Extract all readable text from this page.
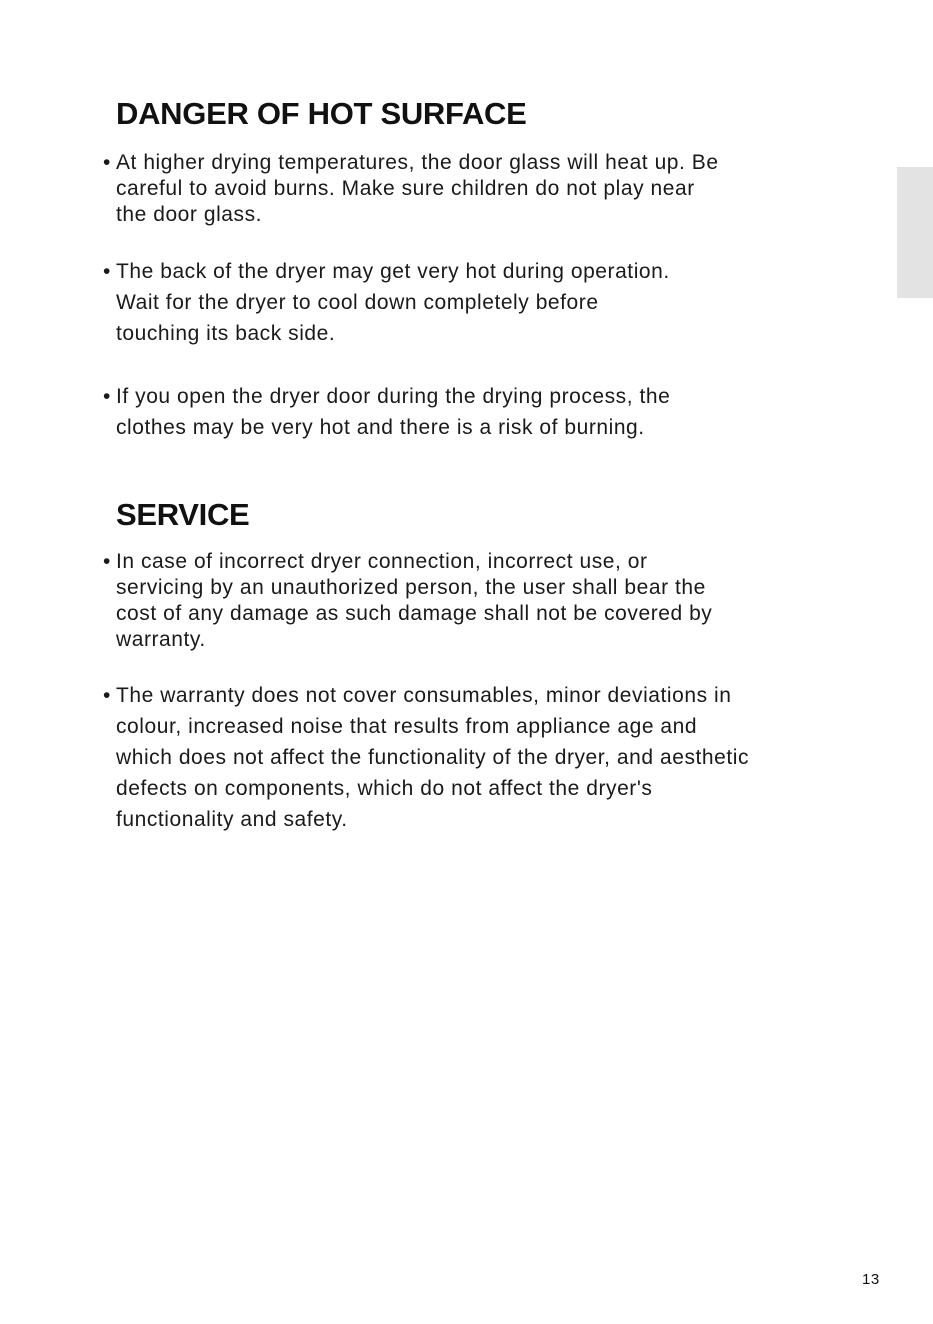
DANGER OF HOT SURFACE
• At higher drying temperatures, the door glass will heat up. Be
careful to avoid burns. Make sure children do not play near
the door glass.
• The back of the dryer may get very hot during operation.
Wait for the dryer to cool down completely before
touching its back side.
• If you open the dryer door during the drying process, the
clothes may be very hot and there is a risk of burning.
SERVICE
• In case of incorrect dryer connection, incorrect use, or
servicing by an unauthorized person, the user shall bear the
cost of any damage as such damage shall not be covered by
warranty.
• The warranty does not cover consumables, minor deviations in
colour, increased noise that results from appliance age and
which does not affect the functionality of the dryer, and aesthetic
defects on components, which do not affect the dryer's
functionality and safety.
13
